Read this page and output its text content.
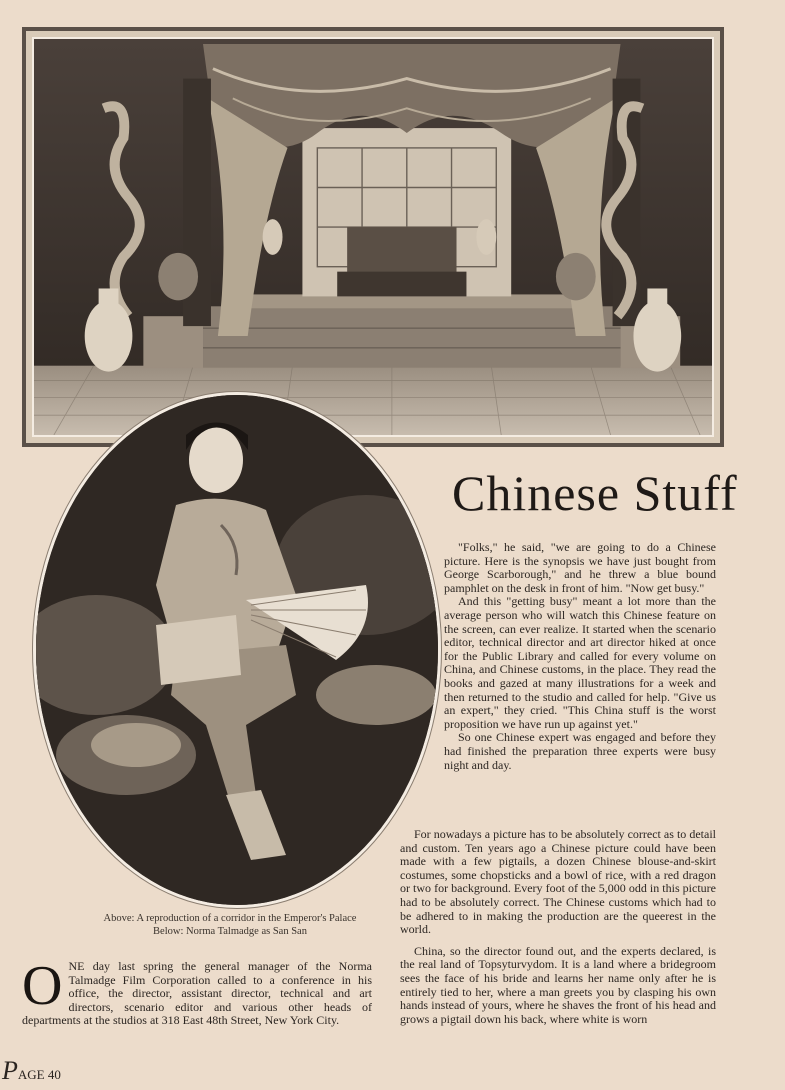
Chinese Stuff
Above: A reproduction of a corridor in the Emperor's Palace
Below: Norma Talmadge as San San

"Folks," he said, "we are going to do a Chinese picture. Here is the synopsis we have just bought from George Scarborough," and he threw a blue bound pamphlet on the desk in front of him. "Now get busy."

And this "getting busy" meant a lot more than the average person who will watch this Chinese feature on the screen, can ever realize. It started when the scenario editor, technical director and art director hiked at once for the Public Library and called for every volume on China, and Chinese customs, in the place. They read the books and gazed at many illustrations for a week and then returned to the studio and called for help. "Give us an expert," they cried. "This China stuff is the worst proposition we have run up against yet."

So one Chinese expert was engaged and before they had finished the preparation three experts were busy night and day.

For nowadays a picture has to be absolutely correct as to detail and custom. Ten years ago a Chinese picture could have been made with a few pigtails, a dozen Chinese blouse-and-skirt costumes, some chopsticks and a bowl of rice, with a red dragon or two for background. Every foot of the 5,000 odd in this picture had to be absolutely correct. The Chinese customs which had to be adhered to in making the production are the queerest in the world.

China, so the director found out, and the experts declared, is the real land of Topsyturvydom. It is a land where a bridegroom sees the face of his bride and learns her name only after he is entirely tied to her, where a man greets you by clasping his own hands instead of yours, where he shaves the front of his head and grows a pigtail down his back, where white is worn

O NE day last spring the general manager of the Norma Talmadge Film Corporation called to a conference in his office, the director, assistant director, technical and art directors, scenario editor and various other heads of departments at the studios at 318 East 48th Street, New York City.

PAGE 40
